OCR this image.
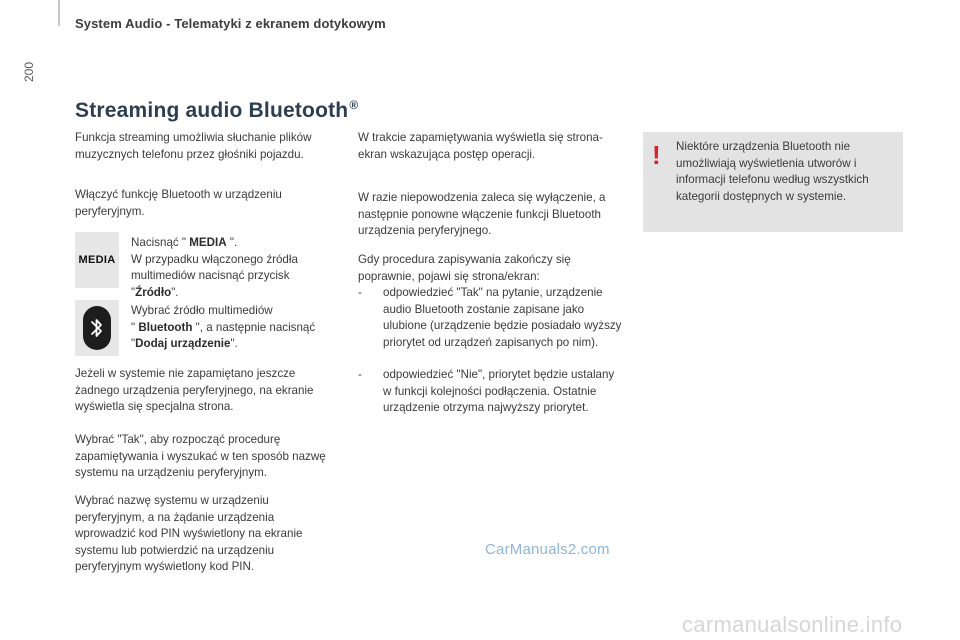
System Audio - Telematyki z ekranem dotykowym
200
Streaming audio Bluetooth®
Funkcja streaming umożliwia słuchanie plików muzycznych telefonu przez głośniki pojazdu.
Włączyć funkcję Bluetooth w urządzeniu peryferyjnym.
MEDIA
Nacisnąć " MEDIA ".
W przypadku włączonego źródła multimediów nacisnąć przycisk
"Źródło".
Wybrać źródło multimediów
" Bluetooth ", a następnie nacisnąć
"Dodaj urządzenie".
Jeżeli w systemie nie zapamiętano jeszcze żadnego urządzenia peryferyjnego, na ekranie wyświetla się specjalna strona.
Wybrać "Tak", aby rozpocząć procedurę zapamiętywania i wyszukać w ten sposób nazwę systemu na urządzeniu peryferyjnym.
Wybrać nazwę systemu w urządzeniu peryferyjnym, a na żądanie urządzenia wprowadzić kod PIN wyświetlony na ekranie systemu lub potwierdzić na urządzeniu peryferyjnym wyświetlony kod PIN.
W trakcie zapamiętywania wyświetla się strona-ekran wskazująca postęp operacji.
W razie niepowodzenia zaleca się wyłączenie, a następnie ponowne włączenie funkcji Bluetooth urządzenia peryferyjnego.
Gdy procedura zapisywania zakończy się poprawnie, pojawi się strona/ekran:
- odpowiedzieć "Tak" na pytanie, urządzenie audio Bluetooth zostanie zapisane jako ulubione (urządzenie będzie posiadało wyższy priorytet od urządzeń zapisanych po nim).
- odpowiedzieć "Nie", priorytet będzie ustalany w funkcji kolejności podłączenia. Ostatnie urządzenie otrzyma najwyższy priorytet.
! Niektóre urządzenia Bluetooth nie umożliwiają wyświetlenia utworów i informacji telefonu według wszystkich kategorii dostępnych w systemie.
CarManuals2.com
carmanualsonline.info
